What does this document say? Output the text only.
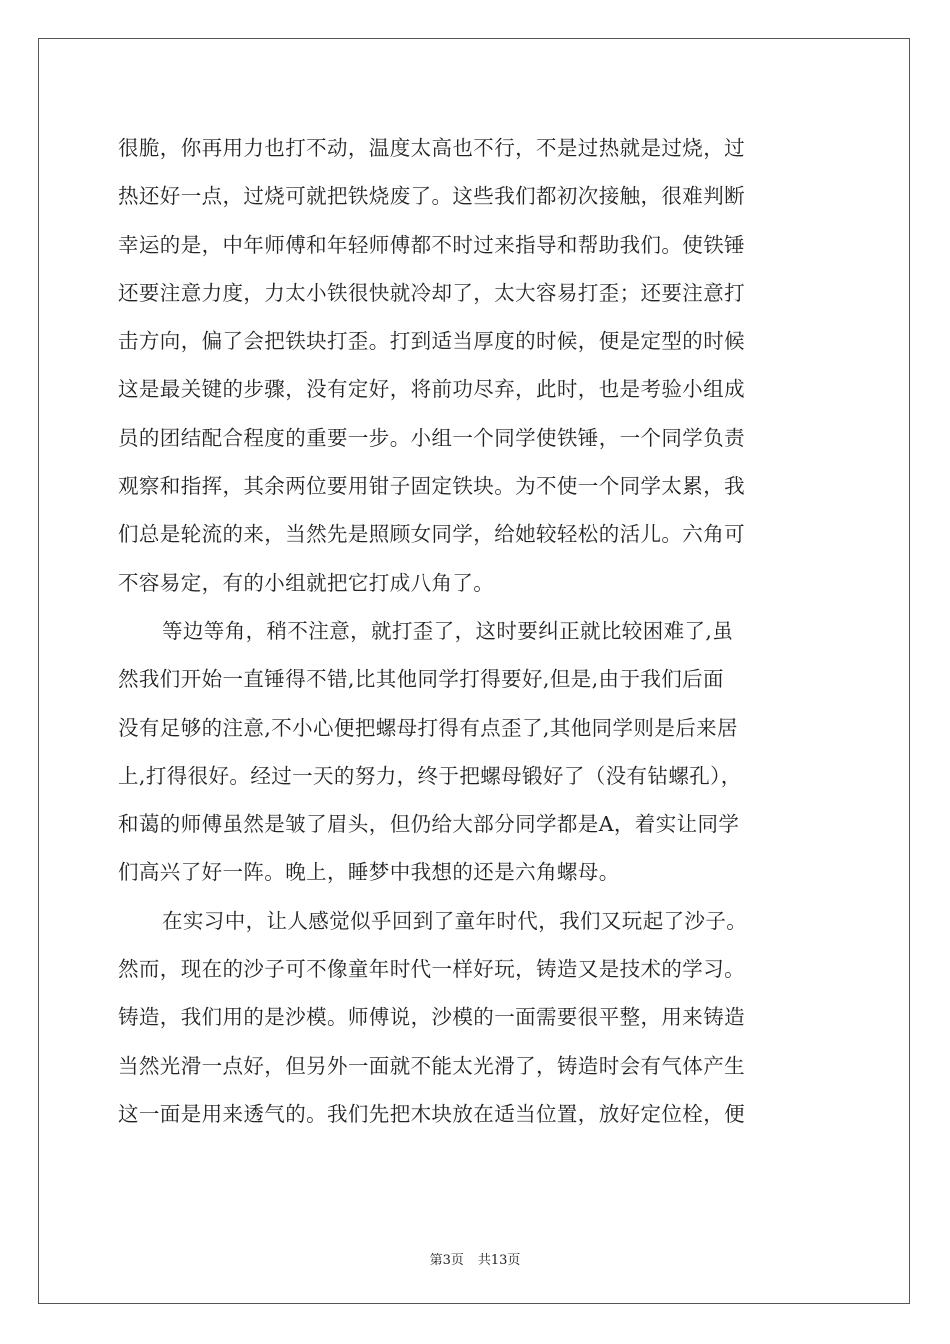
很脆，你再用力也打不动，温度太高也不行，不是过热就是过烧，过
热还好一点，过烧可就把铁烧废了。这些我们都初次接触，很难判断
幸运的是，中年师傅和年轻师傅都不时过来指导和帮助我们。使铁锤
还要注意力度，力太小铁很快就冷却了，太大容易打歪；还要注意打
击方向，偏了会把铁块打歪。打到适当厚度的时候，便是定型的时候
这是最关键的步骤，没有定好，将前功尽弃，此时，也是考验小组成
员的团结配合程度的重要一步。小组一个同学使铁锤，一个同学负责
观察和指挥，其余两位要用钳子固定铁块。为不使一个同学太累，我
们总是轮流的来，当然先是照顾女同学，给她较轻松的活儿。六角可
不容易定，有的小组就把它打成八角了。
等边等角，稍不注意，就打歪了，这时要纠正就比较困难了,虽
然我们开始一直锤得不错,比其他同学打得要好,但是,由于我们后面
没有足够的注意,不小心便把螺母打得有点歪了,其他同学则是后来居
上,打得很好。经过一天的努力，终于把螺母锻好了（没有钻螺孔），
和蔼的师傅虽然是皱了眉头，但仍给大部分同学都是A，着实让同学
们高兴了好一阵。晚上，睡梦中我想的还是六角螺母。
在实习中，让人感觉似乎回到了童年时代，我们又玩起了沙子。
然而，现在的沙子可不像童年时代一样好玩，铸造又是技术的学习。
铸造，我们用的是沙模。师傅说，沙模的一面需要很平整，用来铸造
当然光滑一点好，但另外一面就不能太光滑了，铸造时会有气体产生
这一面是用来透气的。我们先把木块放在适当位置，放好定位栓，便
第3页 共13页
